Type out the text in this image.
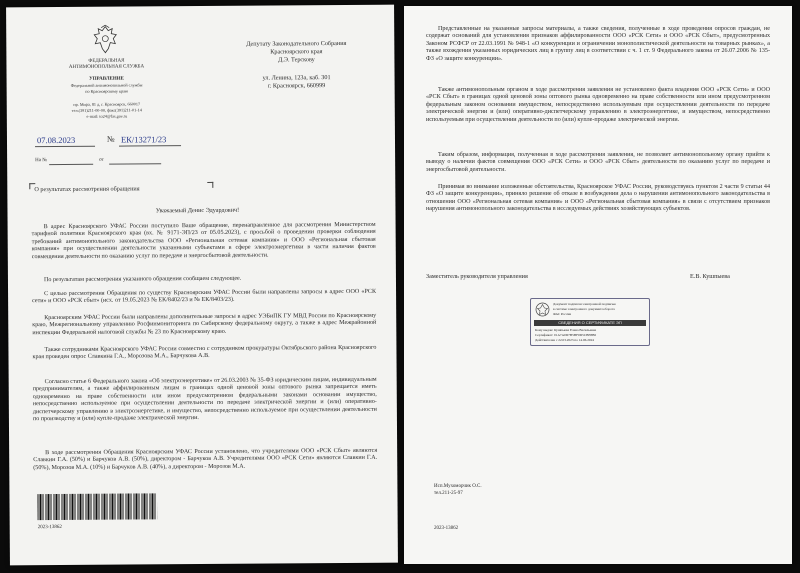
ФЕДЕРАЛЬНАЯ
АНТИМОНОПОЛЬНАЯ СЛУЖБА
УПРАВЛЕНИЕ
Федеральной антимонопольной службы
по Красноярскому краю
пр. Мира, 81 д, г. Красноярск, 660017
тел.(391)211-00-00, факс(391)211-01-14
e-mail: to24@fas.gov.ru
Депутату Законодательного Собрания
Красноярского края
Д.Э. Терскову
ул. Ленина, 123а, каб. 301
г. Красноярск, 660999
07.08.2023	№ ЕК/13271/23
На №	от
О результатах рассмотрения обращения
Уважаемый Денис Эдуардович!
В адрес Красноярского УФАС России поступило Ваше обращение, перенаправленное для рассмотрения Министерством тарифной политики Красноярского края (вх. № 9171-ЭП/23 от 05.05.2023), с просьбой о проведении проверки соблюдения требований антимонопольного законодательства ООО «Региональная сетевая компания» и ООО «Региональная сбытовая компания» при осуществлении деятельности указанными субъектами в сфере электроэнергетики в части наличия фактов совмещения деятельности по оказанию услуг по передаче и энергосбытовой деятельности.
По результатам рассмотрения указанного обращения сообщаем следующее.
С целью рассмотрения Обращения по существу Красноярским УФАС России были направлены запросы в адрес ООО «РСК сети» и ООО «РСК сбыт» (исх. от 19.05.2023 № ЕК/8402/23 и № ЕК/8403/23).
Красноярским УФАС России были направлены дополнительные запросы в адрес УЭБиПК ГУ МВД России по Красноярскому краю, Межрегиональному управлению Росфинмониторинга по Сибирскому федеральному округу, а также в адрес Межрайонной инспекции Федеральной налоговой службы № 23 по Красноярскому краю.
Также сотрудниками Красноярского УФАС России совместно с сотрудником прокуратуры Октябрьского района Красноярского края проведен опрос Славкина Г.А., Морозова М.А., Барчукова А.В.
Согласно статье 6 Федерального закона «Об электроэнергетике» от 26.03.2003 № 35-ФЗ юридическим лицам, индивидуальным предпринимателям, а также аффилированным лицам в границах одной ценовой зоны оптового рынка запрещается иметь одновременно на праве собственности или ином предусмотренном федеральными законами основании имущество, непосредственно используемое при осуществлении деятельности по передаче электрической энергии и (или) оперативно-диспетчерскому управлению в электроэнергетике, и имущество, непосредственно используемое при осуществлении деятельности по производству и (или) купле-продаже электрической энергии.
В ходе рассмотрения Обращения Красноярским УФАС России установлено, что учредителями ООО «РСК Сбыт» являются Славкин Г.А. (50%) и Барчуков А.В. (50%), директором - Барчуков А.В. Учредителями ООО «РСК Сети» являются Славкин Г.А. (50%), Морозов М.А. (10%) и Барчуков А.В. (40%), а директором - Морозов М.А.
2023-13862
Представленные на указанные запросы материалы, а также сведения, полученные в ходе проведения опросов граждан, не содержат оснований для установления признаков аффилированности ООО «РСК Сети» и ООО «РСК Сбыт», предусмотренных Законом РСФСР от 22.03.1991 № 948-1 «О конкуренции и ограничении монополистической деятельности на товарных рынках», а также вхождения указанных юридических лиц в группу лиц в соответствии с ч. 1 ст. 9 Федерального закона от 26.07.2006 № 135-ФЗ «О защите конкуренции».
Также антимонопольным органом в ходе рассмотрения заявления не установлено факта владения ООО «РСК Сети» и ООО «РСК Сбыт» в границах одной ценовой зоны оптового рынка одновременно на праве собственности или ином предусмотренном федеральным законом основании имуществом, непосредственно используемым при осуществлении деятельности по передаче электрической энергии и (или) оперативно-диспетчерскому управлению в электроэнергетике, и имуществом, непосредственно используемым при осуществлении деятельности по (или) купле-продаже электрической энергии.
Таким образом, информация, полученная в ходе рассмотрения заявления, не позволяет антимонопольному органу прийти к выводу о наличии фактов совмещения ООО «РСК Сети» и ООО «РСК Сбыт» деятельности по оказанию услуг по передаче и энергосбытовой деятельности.
Принимая во внимание изложенные обстоятельства, Красноярское УФАС России, руководствуясь пунктом 2 части 9 статьи 44 ФЗ «О защите конкуренции», приняло решение об отказе в возбуждении дела о нарушении антимонопольного законодательства в отношении ООО «Региональная сетевая компания» и ООО «Региональная сбытовая компания» в связи с отсутствием признаков нарушения антимонопольного законодательства в исследуемых действиях хозяйствующих субъектов.
Заместитель руководителя управления	Е.В. Кушпыева
Документ подписан электронной подписью
в системе электронного документооборота
ФАС России
СВЕДЕНИЯ О СЕРТИФИКАТЕ ЭП
Кому выдан: Кушпыева Елена Васильевна
Сертификат: 01A7A0D7B5BF0D5CBE8B6
Действителен с 22.03.2023 по 14.06.2024
Исп.Мухоморчик О.С.
тел.211-25-97
2023-13862
